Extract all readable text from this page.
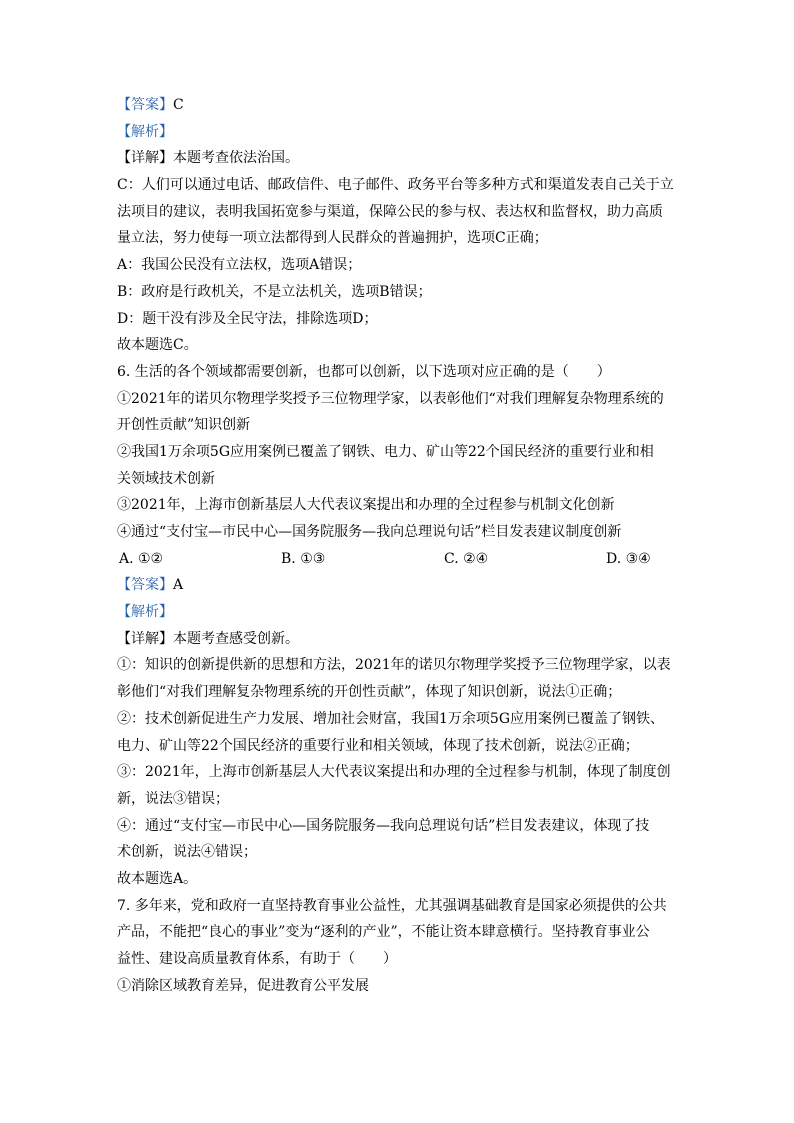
【答案】C
【解析】
【详解】本题考查依法治国。
C：人们可以通过电话、邮政信件、电子邮件、政务平台等多种方式和渠道发表自己关于立
法项目的建议，表明我国拓宽参与渠道，保障公民的参与权、表达权和监督权，助力高质
量立法，努力使每一项立法都得到人民群众的普遍拥护，选项C正确；
A：我国公民没有立法权，选项A错误；
B：政府是行政机关，不是立法机关，选项B错误；
D：题干没有涉及全民守法，排除选项D；
故本题选C。
6. 生活的各个领域都需要创新，也都可以创新，以下选项对应正确的是（　　）
①2021年的诺贝尔物理学奖授予三位物理学家，以表彰他们“对我们理解复杂物理系统的
开创性贡献”知识创新
②我国1万余项5G应用案例已覆盖了钢铁、电力、矿山等22个国民经济的重要行业和相
关领域技术创新
③2021年，上海市创新基层人大代表议案提出和办理的全过程参与机制文化创新
④通过“支付宝—市民中心—国务院服务—我向总理说句话”栏目发表建议制度创新
A. ①②	B. ①③	C. ②④	D. ③④
【答案】A
【解析】
【详解】本题考查感受创新。
①：知识的创新提供新的思想和方法，2021年的诺贝尔物理学奖授予三位物理学家，以表
彰他们“对我们理解复杂物理系统的开创性贡献”，体现了知识创新，说法①正确；
②：技术创新促进生产力发展、增加社会财富，我国1万余项5G应用案例已覆盖了钢铁、
电力、矿山等22个国民经济的重要行业和相关领域，体现了技术创新，说法②正确；
③：2021年，上海市创新基层人大代表议案提出和办理的全过程参与机制，体现了制度创
新，说法③错误；
④：通过“支付宝—市民中心—国务院服务—我向总理说句话”栏目发表建议，体现了技
术创新，说法④错误；
故本题选A。
7. 多年来，党和政府一直坚持教育事业公益性，尤其强调基础教育是国家必须提供的公共
产品，不能把“良心的事业”变为“逐利的产业”，不能让资本肆意横行。坚持教育事业公
益性、建设高质量教育体系，有助于（　　）
①消除区域教育差异，促进教育公平发展
